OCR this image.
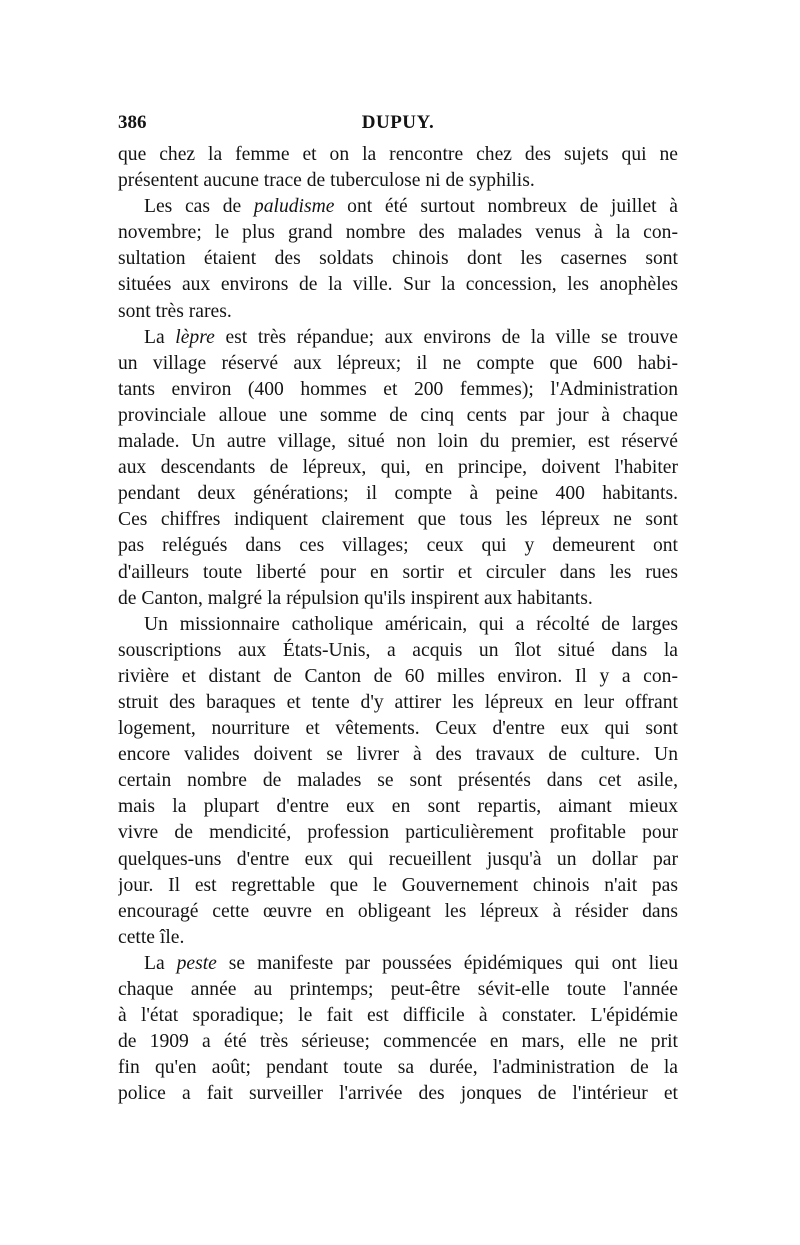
386	DUPUY.
que chez la femme et on la rencontre chez des sujets qui ne
présentent aucune trace de tuberculose ni de syphilis.
Les cas de paludisme ont été surtout nombreux de juillet à
novembre; le plus grand nombre des malades venus à la con-
sultation étaient des soldats chinois dont les casernes sont
situées aux environs de la ville. Sur la concession, les anophèles
sont très rares.
La lèpre est très répandue; aux environs de la ville se trouve
un village réservé aux lépreux; il ne compte que 600 habi-
tants environ (400 hommes et 200 femmes); l'Administration
provinciale alloue une somme de cinq cents par jour à chaque
malade. Un autre village, situé non loin du premier, est réservé
aux descendants de lépreux, qui, en principe, doivent l'habiter
pendant deux générations; il compte à peine 400 habitants.
Ces chiffres indiquent clairement que tous les lépreux ne sont
pas relégués dans ces villages; ceux qui y demeurent ont
d'ailleurs toute liberté pour en sortir et circuler dans les rues
de Canton, malgré la répulsion qu'ils inspirent aux habitants.
Un missionnaire catholique américain, qui a récolté de larges
souscriptions aux États-Unis, a acquis un îlot situé dans la
rivière et distant de Canton de 60 milles environ. Il y a con-
struit des baraques et tente d'y attirer les lépreux en leur offrant
logement, nourriture et vêtements. Ceux d'entre eux qui sont
encore valides doivent se livrer à des travaux de culture. Un
certain nombre de malades se sont présentés dans cet asile,
mais la plupart d'entre eux en sont repartis, aimant mieux
vivre de mendicité, profession particulièrement profitable pour
quelques-uns d'entre eux qui recueillent jusqu'à un dollar par
jour. Il est regrettable que le Gouvernement chinois n'ait pas
encouragé cette œuvre en obligeant les lépreux à résider dans
cette île.
La peste se manifeste par poussées épidémiques qui ont lieu
chaque année au printemps; peut-être sévit-elle toute l'année
à l'état sporadique; le fait est difficile à constater. L'épidémie
de 1909 a été très sérieuse; commencée en mars, elle ne prit
fin qu'en août; pendant toute sa durée, l'administration de la
police a fait surveiller l'arrivée des jonques de l'intérieur et
